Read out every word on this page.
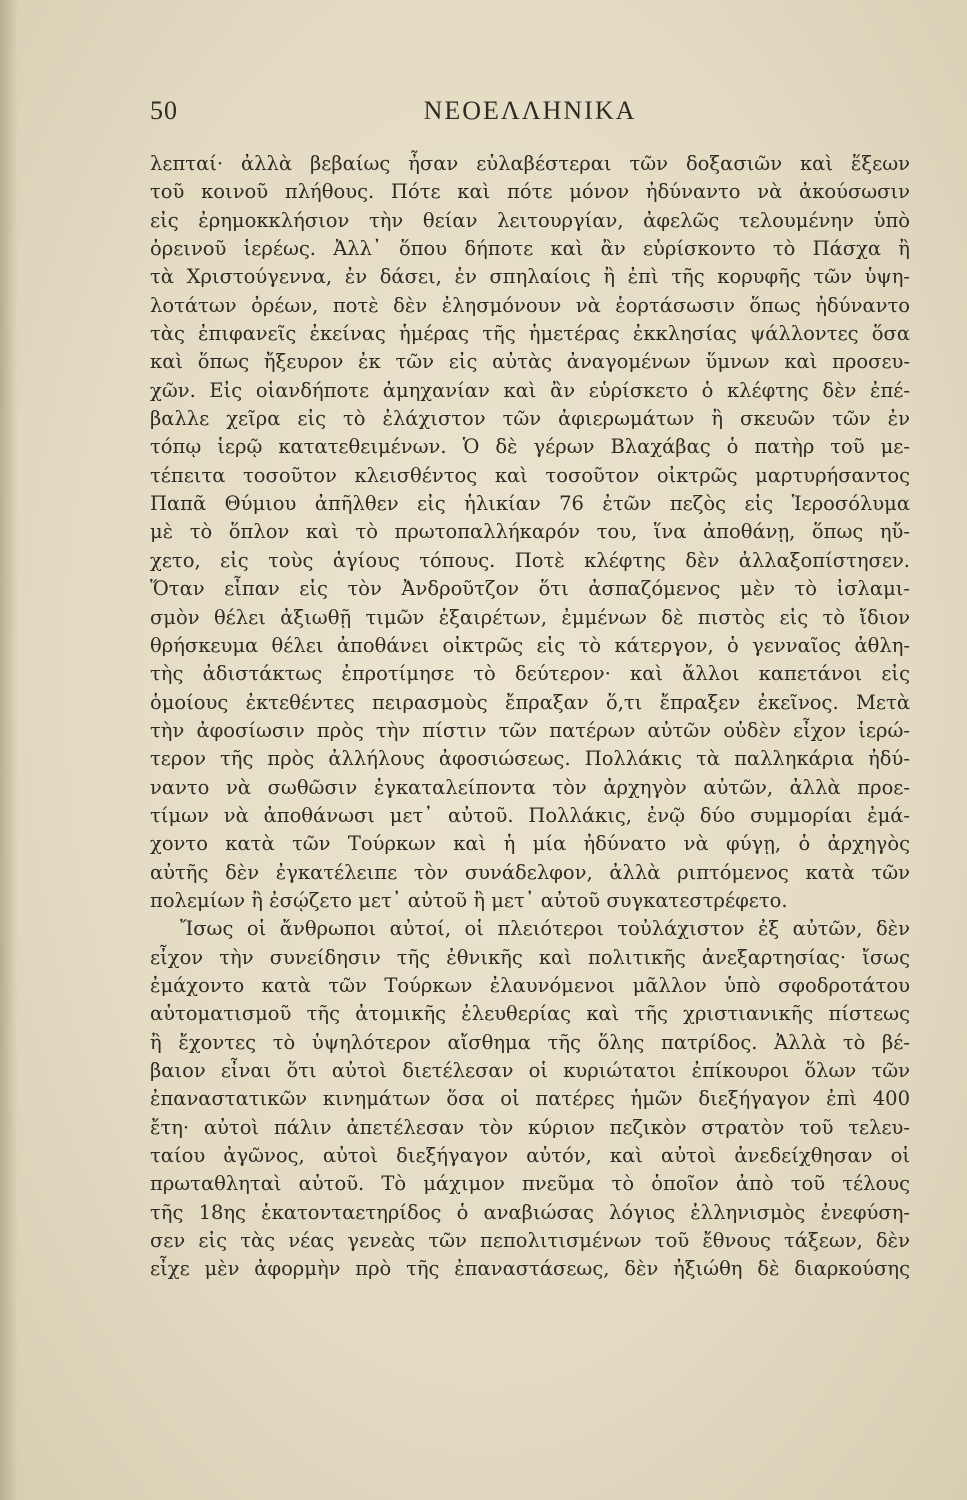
50	ΝΕΟΕΛΛΗΝΙΚΑ
λεπταί· ἀλλὰ βεβαίως ἦσαν εὐλαβέστεραι τῶν δοξασιῶν καὶ ἕξεων
τοῦ κοινοῦ πλήθους. Πότε καὶ πότε μόνον ἠδύναντο νὰ ἀκούσωσιν
εἰς ἐρημοκκλήσιον τὴν θείαν λειτουργίαν, ἀφελῶς τελουμένην ὑπὸ
ὀρεινοῦ ἱερέως. Ἀλλ᾽ ὅπου δήποτε καὶ ἂν εὑρίσκοντο τὸ Πάσχα ἢ
τὰ Χριστούγεννα, ἐν δάσει, ἐν σπηλαίοις ἢ ἐπὶ τῆς κορυφῆς τῶν ὑψη-
λοτάτων ὀρέων, ποτὲ δὲν ἐλησμόνουν νὰ ἑορτάσωσιν ὅπως ἠδύναντο
τὰς ἐπιφανεῖς ἐκείνας ἡμέρας τῆς ἡμετέρας ἐκκλησίας ψάλλοντες ὅσα
καὶ ὅπως ἤξευρον ἐκ τῶν εἰς αὐτὰς ἀναγομένων ὕμνων καὶ προσευ-
χῶν. Εἰς οἱανδήποτε ἀμηχανίαν καὶ ἂν εὑρίσκετο ὁ κλέφτης δὲν ἐπέ-
βαλλε χεῖρα εἰς τὸ ἐλάχιστον τῶν ἀφιερωμάτων ἢ σκευῶν τῶν ἐν
τόπῳ ἱερῷ κατατεθειμένων. Ὁ δὲ γέρων Βλαχάβας ὁ πατὴρ τοῦ με-
τέπειτα τοσοῦτον κλεισθέντος καὶ τοσοῦτον οἰκτρῶς μαρτυρήσαντος
Παπᾶ Θύμιου ἀπῆλθεν εἰς ἡλικίαν 76 ἐτῶν πεζὸς εἰς Ἱεροσόλυμα
μὲ τὸ ὅπλον καὶ τὸ πρωτοπαλλήκαρόν του, ἵνα ἀποθάνῃ, ὅπως ηὔ-
χετο, εἰς τοὺς ἁγίους τόπους. Ποτὲ κλέφτης δὲν ἀλλαξοπίστησεν.
Ὅταν εἶπαν εἰς τὸν Ἀνδροῦτζον ὅτι ἀσπαζόμενος μὲν τὸ ἰσλαμι-
σμὸν θέλει ἀξιωθῇ τιμῶν ἐξαιρέτων, ἐμμένων δὲ πιστὸς εἰς τὸ ἴδιον
θρήσκευμα θέλει ἀποθάνει οἰκτρῶς εἰς τὸ κάτεργον, ὁ γενναῖος ἀθλη-
τὴς ἀδιστάκτως ἐπροτίμησε τὸ δεύτερον· καὶ ἄλλοι καπετάνοι εἰς
ὁμοίους ἐκτεθέντες πειρασμοὺς ἔπραξαν ὅ,τι ἔπραξεν ἐκεῖνος. Μετὰ
τὴν ἀφοσίωσιν πρὸς τὴν πίστιν τῶν πατέρων αὐτῶν οὐδὲν εἶχον ἱερώ-
τερον τῆς πρὸς ἀλλήλους ἀφοσιώσεως. Πολλάκις τὰ παλληκάρια ἠδύ-
ναντο νὰ σωθῶσιν ἐγκαταλείποντα τὸν ἀρχηγὸν αὐτῶν, ἀλλὰ προε-
τίμων νὰ ἀποθάνωσι μετ᾽ αὐτοῦ. Πολλάκις, ἐνῷ δύο συμμορίαι ἐμά-
χοντο κατὰ τῶν Τούρκων καὶ ἡ μία ἠδύνατο νὰ φύγῃ, ὁ ἀρχηγὸς
αὐτῆς δὲν ἐγκατέλειπε τὸν συνάδελφον, ἀλλὰ ριπτόμενος κατὰ τῶν
πολεμίων ἢ ἐσῴζετο μετ᾽ αὐτοῦ ἢ μετ᾽ αὐτοῦ συγκατεστρέφετο.
Ἴσως οἱ ἄνθρωποι αὐτοί, οἱ πλειότεροι τοὐλάχιστον ἐξ αὐτῶν, δὲν
εἶχον τὴν συνείδησιν τῆς ἐθνικῆς καὶ πολιτικῆς ἀνεξαρτησίας· ἴσως
ἐμάχοντο κατὰ τῶν Τούρκων ἐλαυνόμενοι μᾶλλον ὑπὸ σφοδροτάτου
αὐτοματισμοῦ τῆς ἀτομικῆς ἐλευθερίας καὶ τῆς χριστιανικῆς πίστεως
ἢ ἔχοντες τὸ ὑψηλότερον αἴσθημα τῆς ὅλης πατρίδος. Ἀλλὰ τὸ βέ-
βαιον εἶναι ὅτι αὐτοὶ διετέλεσαν οἱ κυριώτατοι ἐπίκουροι ὅλων τῶν
ἐπαναστατικῶν κινημάτων ὅσα οἱ πατέρες ἡμῶν διεξήγαγον ἐπὶ 400
ἔτη· αὐτοὶ πάλιν ἀπετέλεσαν τὸν κύριον πεζικὸν στρατὸν τοῦ τελευ-
ταίου ἀγῶνος, αὐτοὶ διεξήγαγον αὐτόν, καὶ αὐτοὶ ἀνεδείχθησαν οἱ
πρωταθληταὶ αὐτοῦ. Τὸ μάχιμον πνεῦμα τὸ ὁποῖον ἀπὸ τοῦ τέλους
τῆς 18ης ἑκατονταετηρίδος ὁ αναβιώσας λόγιος ἑλληνισμὸς ἐνεφύση-
σεν εἰς τὰς νέας γενεὰς τῶν πεπολιτισμένων τοῦ ἔθνους τάξεων, δὲν
εἶχε μὲν ἀφορμὴν πρὸ τῆς ἐπαναστάσεως, δὲν ἠξιώθη δὲ διαρκούσης
